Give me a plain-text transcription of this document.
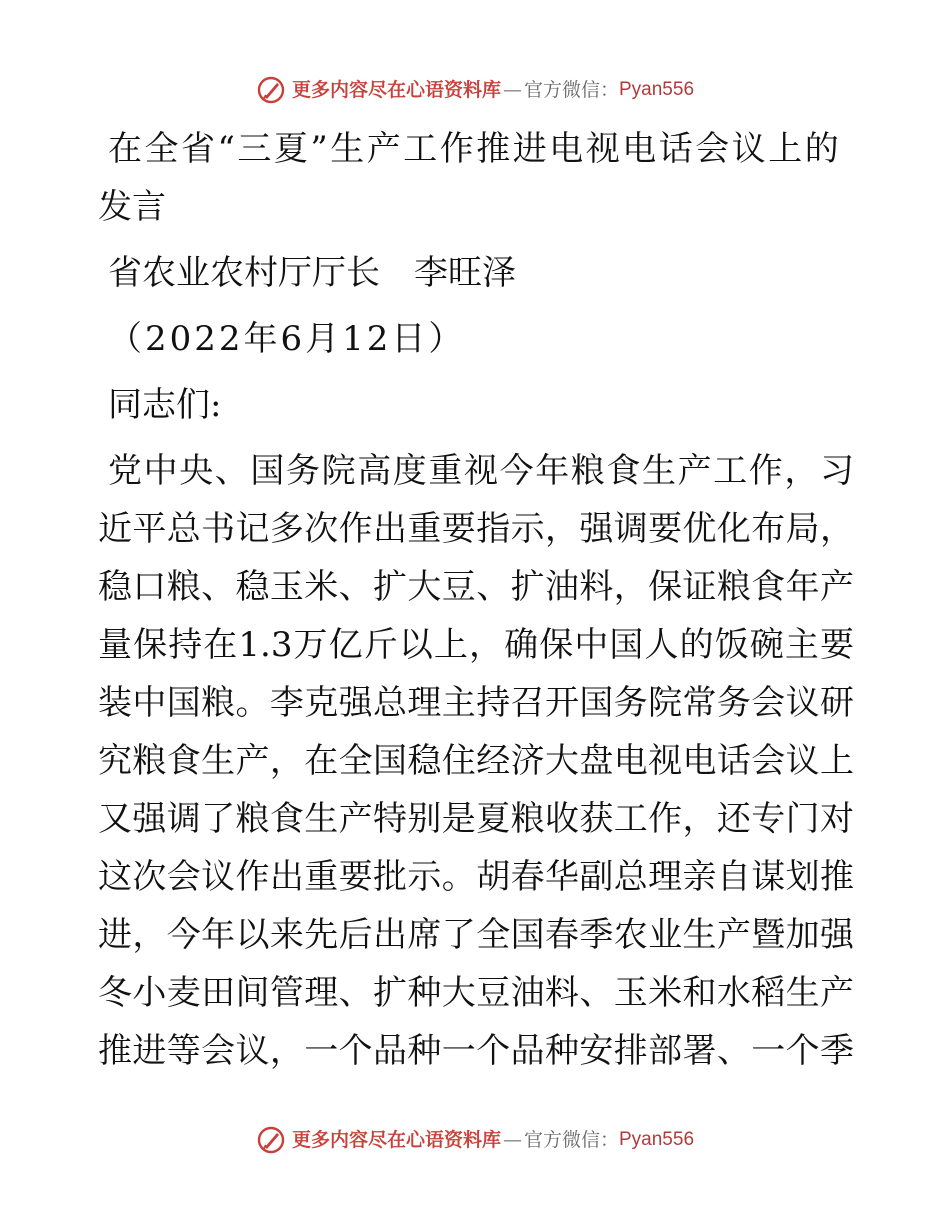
更多内容尽在心语资料库 — 官方微信： Pyan556
在全省“三夏”生产工作推进电视电话会议上的
发言
省农业农村厅厅长　李旺泽
（2022年6月12日）
同志们:
党中央、国务院高度重视今年粮食生产工作，习
近平总书记多次作出重要指示，强调要优化布局，
稳口粮、稳玉米、扩大豆、扩油料，保证粮食年产
量保持在1.3万亿斤以上，确保中国人的饭碗主要
装中国粮。李克强总理主持召开国务院常务会议研
究粮食生产，在全国稳住经济大盘电视电话会议上
又强调了粮食生产特别是夏粮收获工作，还专门对
这次会议作出重要批示。胡春华副总理亲自谋划推
进，今年以来先后出席了全国春季农业生产暨加强
冬小麦田间管理、扩种大豆油料、玉米和水稻生产
推进等会议，一个品种一个品种安排部署、一个季
更多内容尽在心语资料库 — 官方微信： Pyan556
